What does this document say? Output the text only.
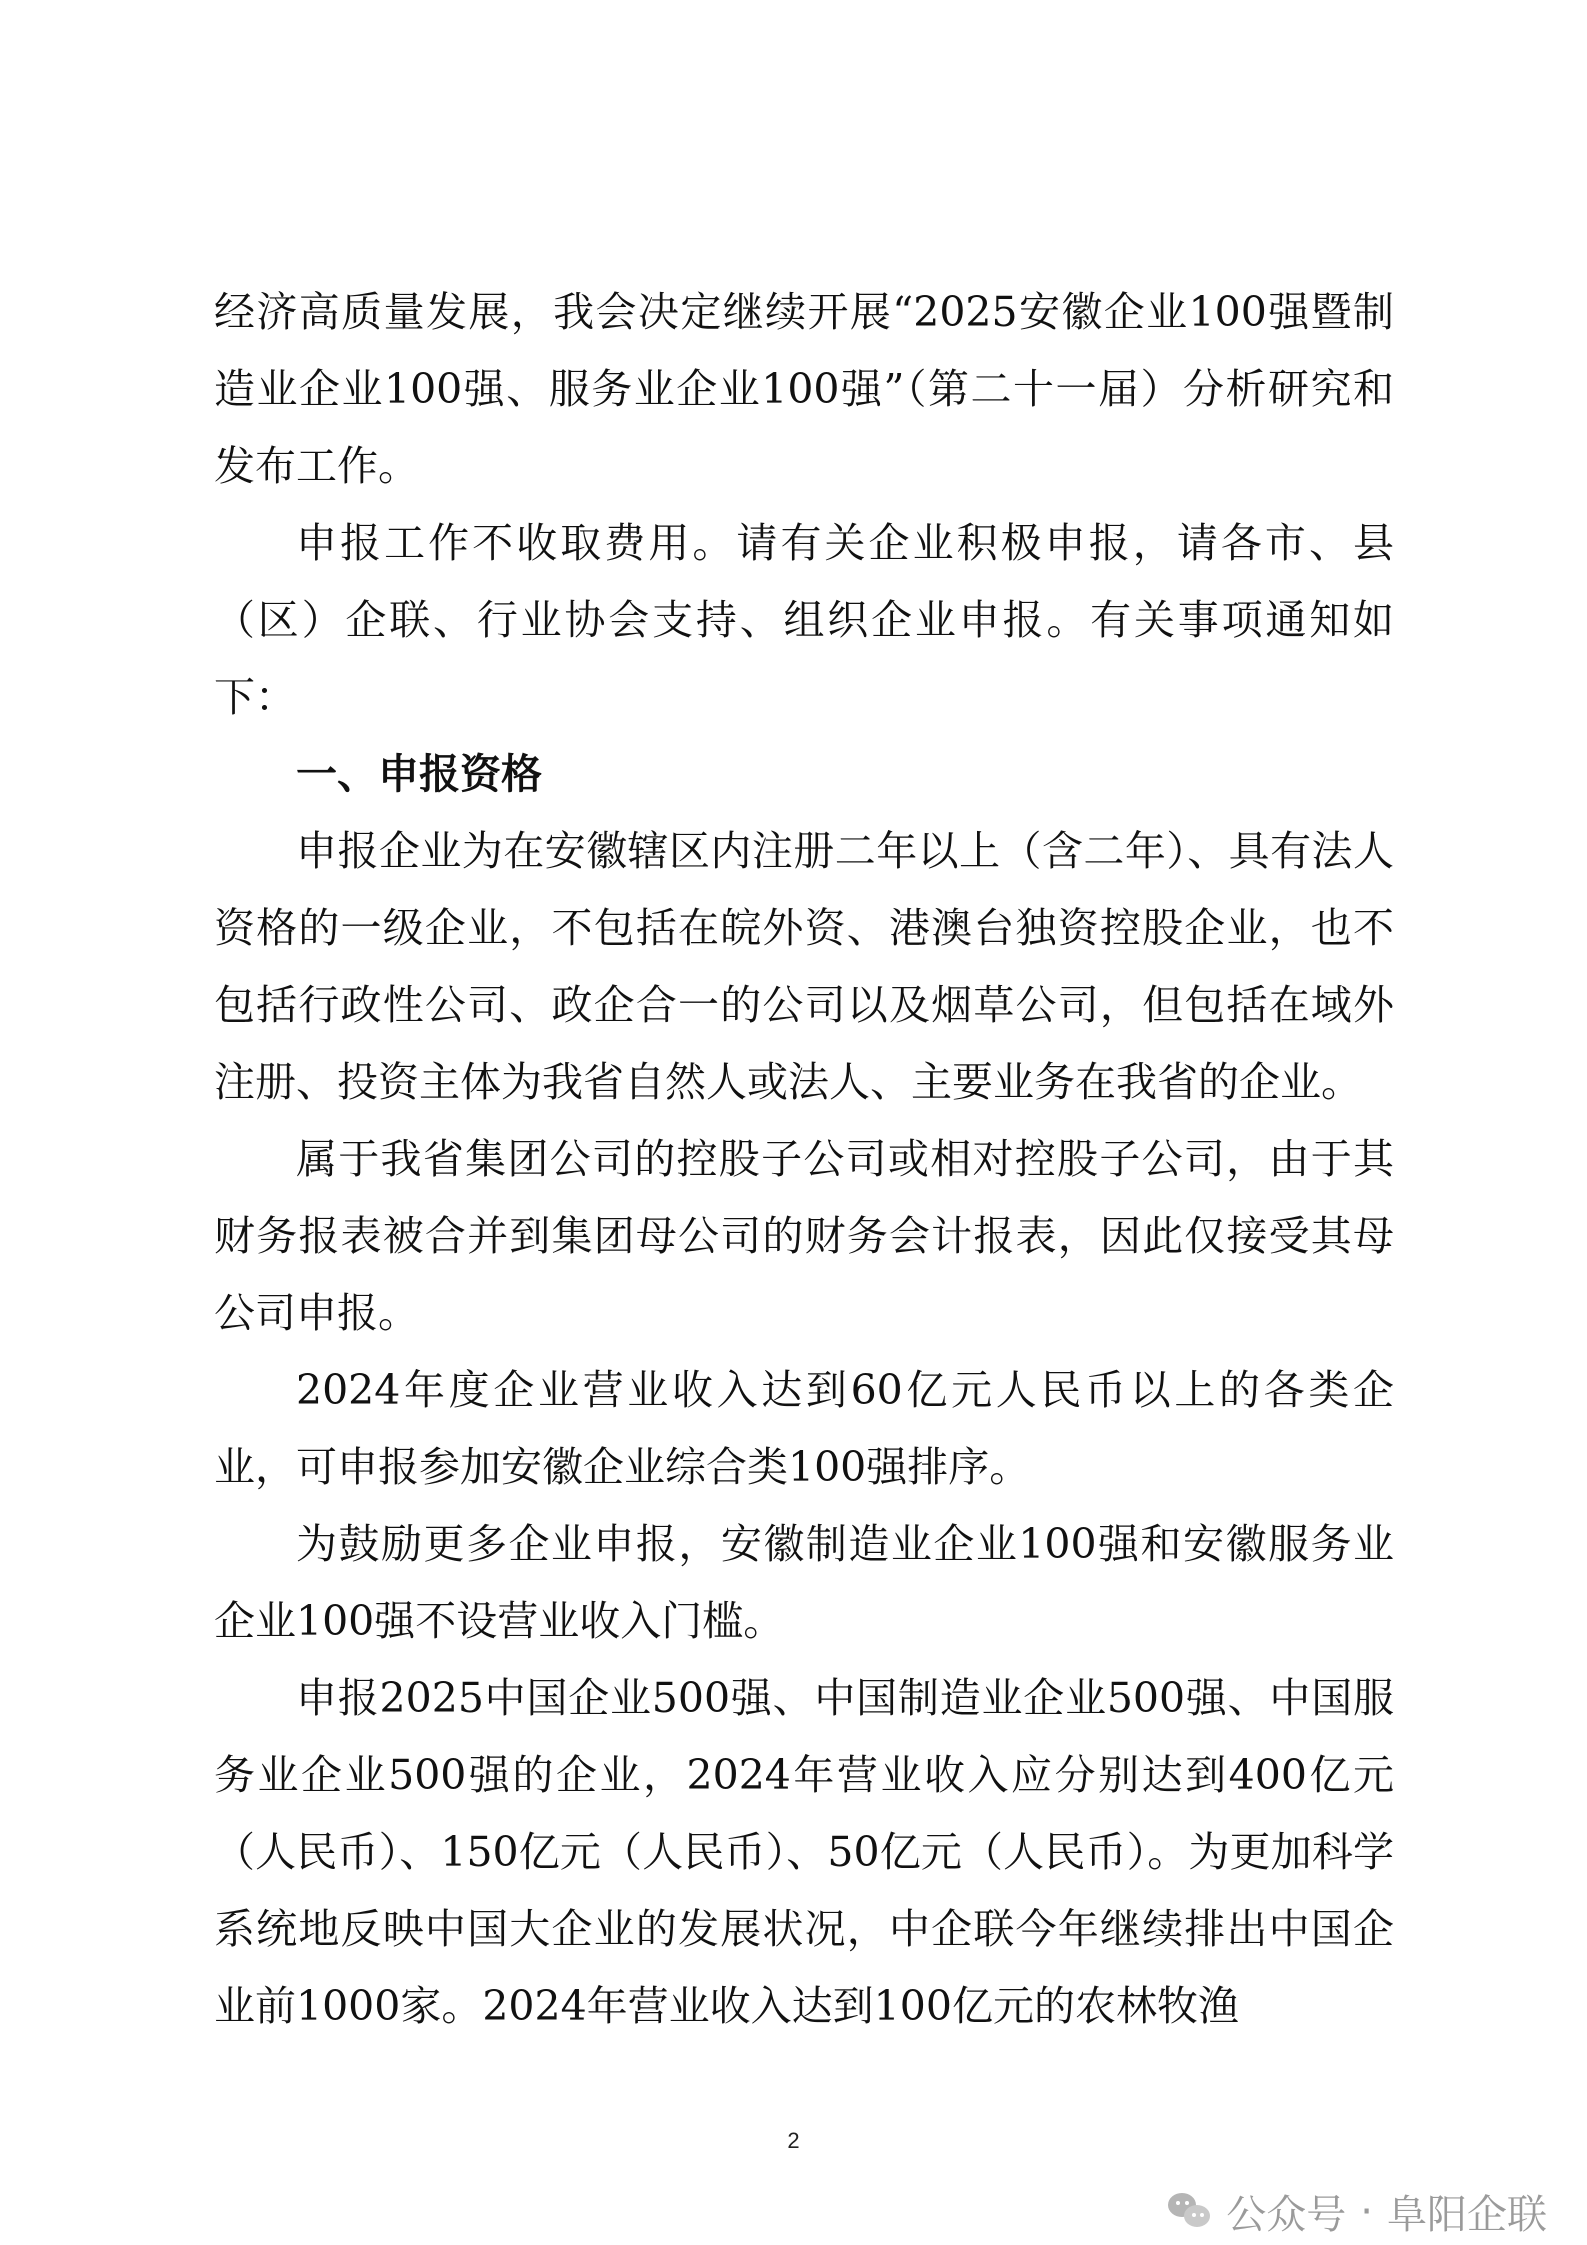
经济高质量发展，我会决定继续开展“2025安徽企业100强暨制造业企业100强、服务业企业100强”（第二十一届）分析研究和发布工作。

申报工作不收取费用。请有关企业积极申报，请各市、县（区）企联、行业协会支持、组织企业申报。有关事项通知如下：

一、申报资格

申报企业为在安徽辖区内注册二年以上（含二年）、具有法人资格的一级企业，不包括在皖外资、港澳台独资控股企业，也不包括行政性公司、政企合一的公司以及烟草公司，但包括在域外注册、投资主体为我省自然人或法人、主要业务在我省的企业。

属于我省集团公司的控股子公司或相对控股子公司，由于其财务报表被合并到集团母公司的财务会计报表，因此仅接受其母公司申报。

2024年度企业营业收入达到60亿元人民币以上的各类企业，可申报参加安徽企业综合类100强排序。

为鼓励更多企业申报，安徽制造业企业100强和安徽服务业企业100强不设营业收入门槛。

申报2025中国企业500强、中国制造业企业500强、中国服务业企业500强的企业，2024年营业收入应分别达到400亿元（人民币）、150亿元（人民币）、50亿元（人民币）。为更加科学系统地反映中国大企业的发展状况，中企联今年继续排出中国企业前1000家。2024年营业收入达到100亿元的农林牧渔

2
公众号 · 阜阳企联
